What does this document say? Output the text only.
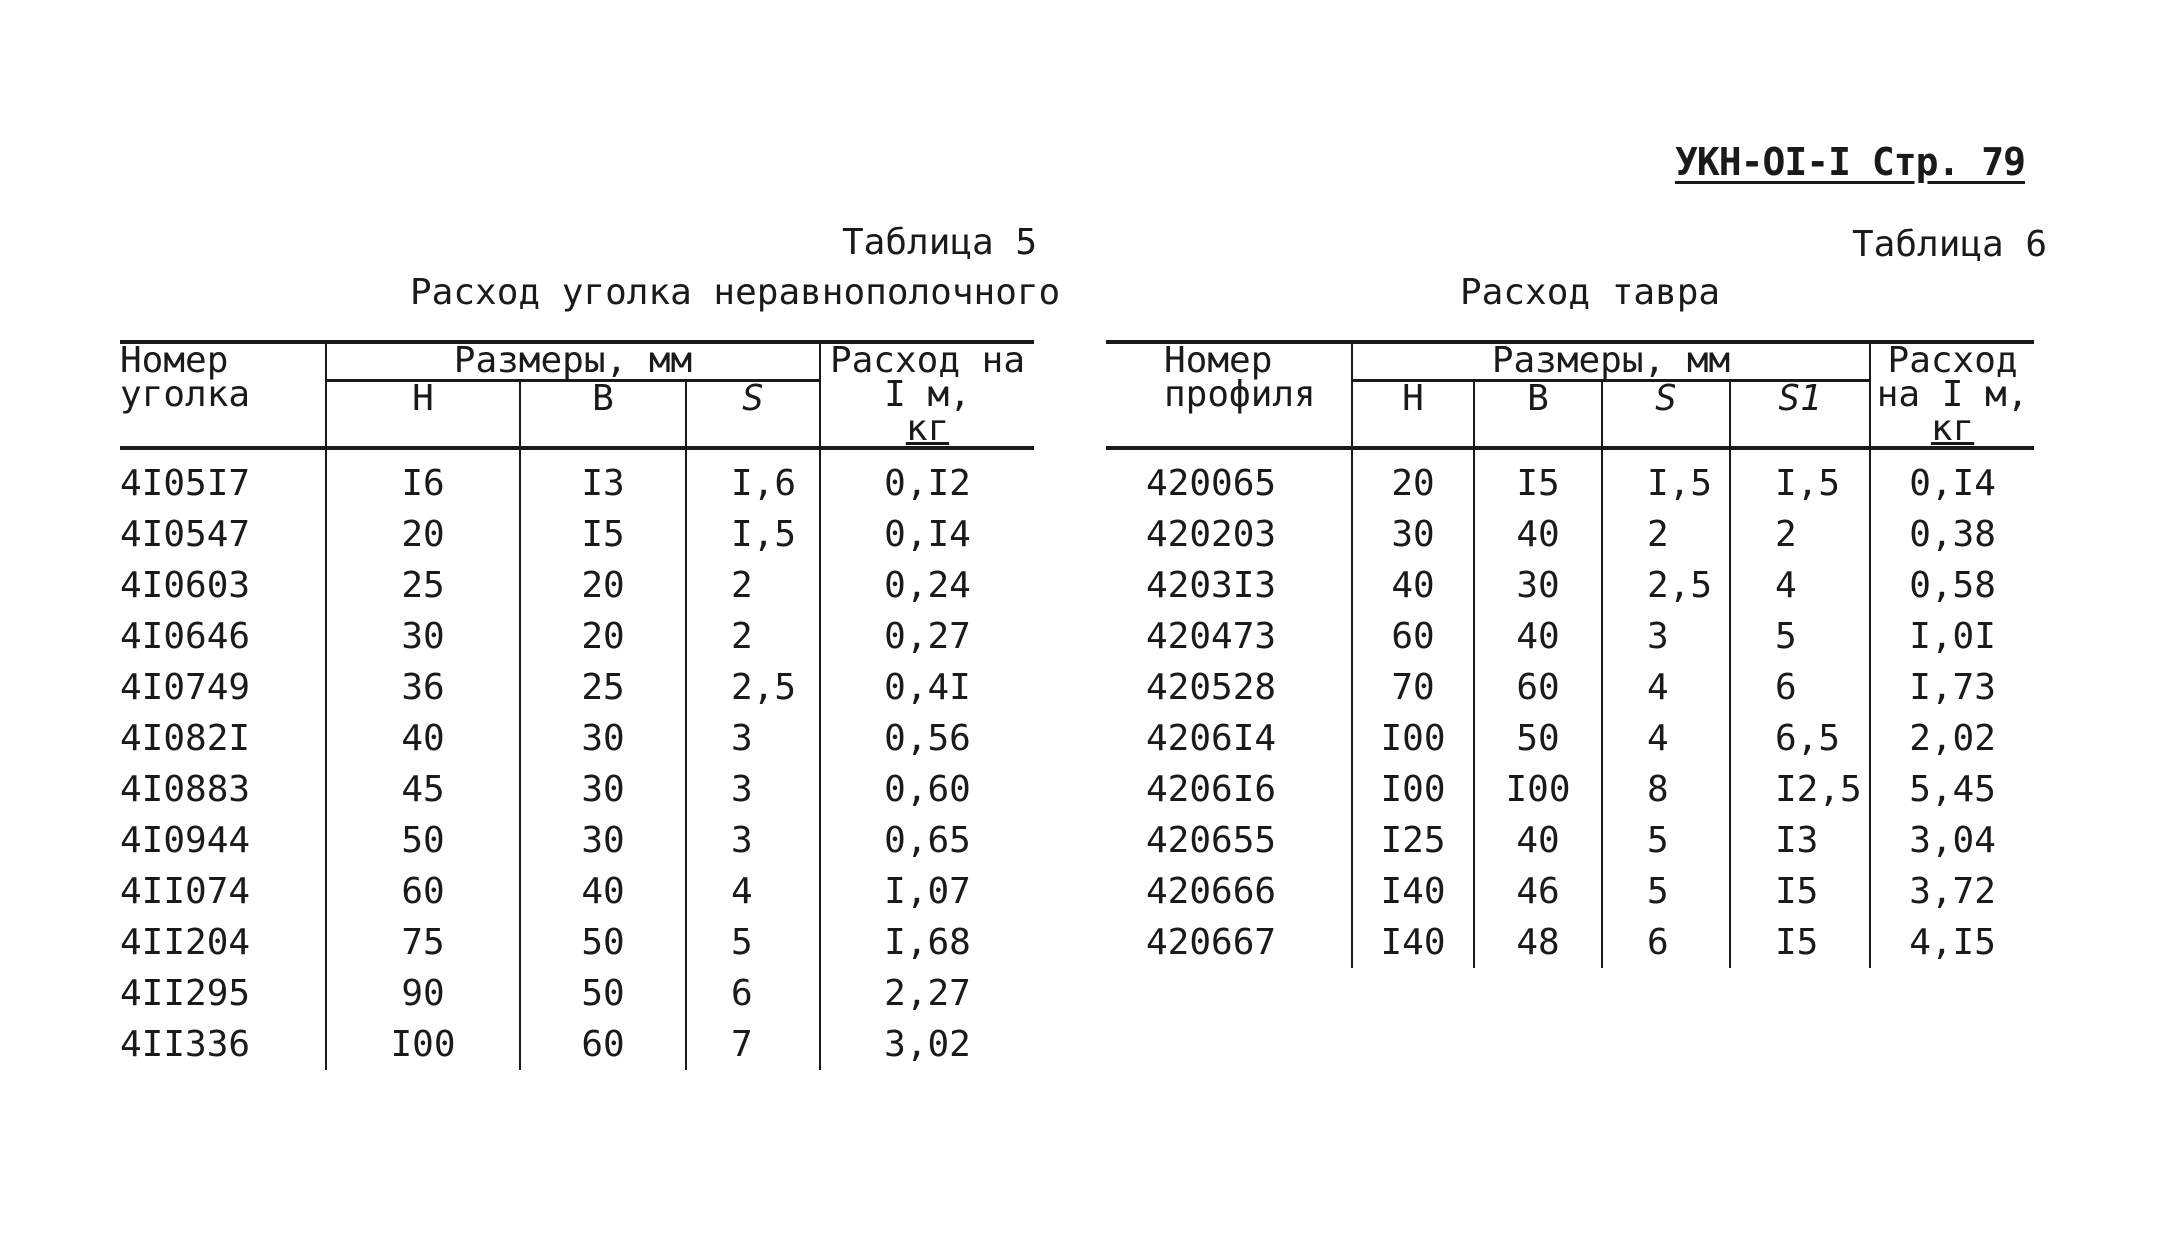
УКН-OI-I Стр. 79
Таблица 5
Расход уголка неравнополочного
Номер уголка	Размеры, мм			Расход на I м,
кг
	Н	В	S	
4I05I7	I6	I3	I,6	0,I2
4I0547	20	I5	I,5	0,I4
4I0603	25	20	2	0,24
4I0646	30	20	2	0,27
4I0749	36	25	2,5	0,4I
4I082I	40	30	3	0,56
4I0883	45	30	3	0,60
4I0944	50	30	3	0,65
4II074	60	40	4	I,07
4II204	75	50	5	I,68
4II295	90	50	6	2,27
4II336	I00	60	7	3,02
Таблица 6
Расход тавра
Номер профиля	Размеры, мм				Расход на I м,
кг
	Н	В	S	S1	
420065	20	I5	I,5	I,5	0,I4
420203	30	40	2	2	0,38
4203I3	40	30	2,5	4	0,58
420473	60	40	3	5	I,0I
420528	70	60	4	6	I,73
4206I4	I00	50	4	6,5	2,02
4206I6	I00	I00	8	I2,5	5,45
420655	I25	40	5	I3	3,04
420666	I40	46	5	I5	3,72
420667	I40	48	6	I5	4,I5
